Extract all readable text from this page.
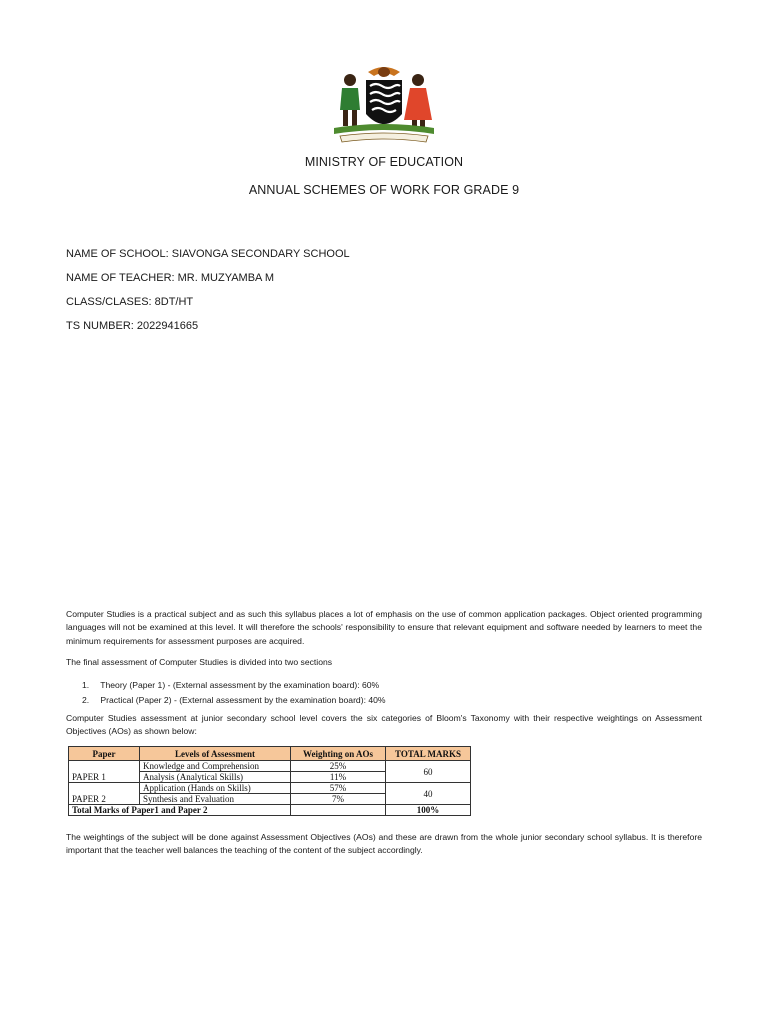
MINISTRY OF EDUCATION
ANNUAL SCHEMES OF WORK FOR GRADE 9
NAME OF SCHOOL: SIAVONGA SECONDARY SCHOOL
NAME OF TEACHER: MR. MUZYAMBA M
CLASS/CLASES: 8DT/HT
TS NUMBER: 2022941665
Computer Studies is a practical subject and as such this syllabus places a lot of emphasis on the use of common application packages. Object oriented programming languages will not be examined at this level. It will therefore the schools' responsibility to ensure that relevant equipment and software needed by learners to meet the minimum requirements for assessment purposes are acquired.
The final assessment of Computer Studies is divided into two sections
1. Theory (Paper 1) - (External assessment by the examination board): 60%
2. Practical (Paper 2) - (External assessment by the examination board): 40%
Computer Studies assessment at junior secondary school level covers the six categories of Bloom's Taxonomy with their respective weightings on Assessment Objectives (AOs) as shown below:
Paper	Levels of Assessment	Weighting on AOs	TOTAL MARKS
PAPER 1	Knowledge and Comprehension	25%	60
	Analysis (Analytical Skills)	11%	
PAPER 2	Application (Hands on Skills)	57%	40
	Synthesis and Evaluation	7%	
Total Marks of Paper1 and Paper 2			100%
The weightings of the subject will be done against Assessment Objectives (AOs) and these are drawn from the whole junior secondary school syllabus. It is therefore important that the teacher well balances the teaching of the content of the subject accordingly.
